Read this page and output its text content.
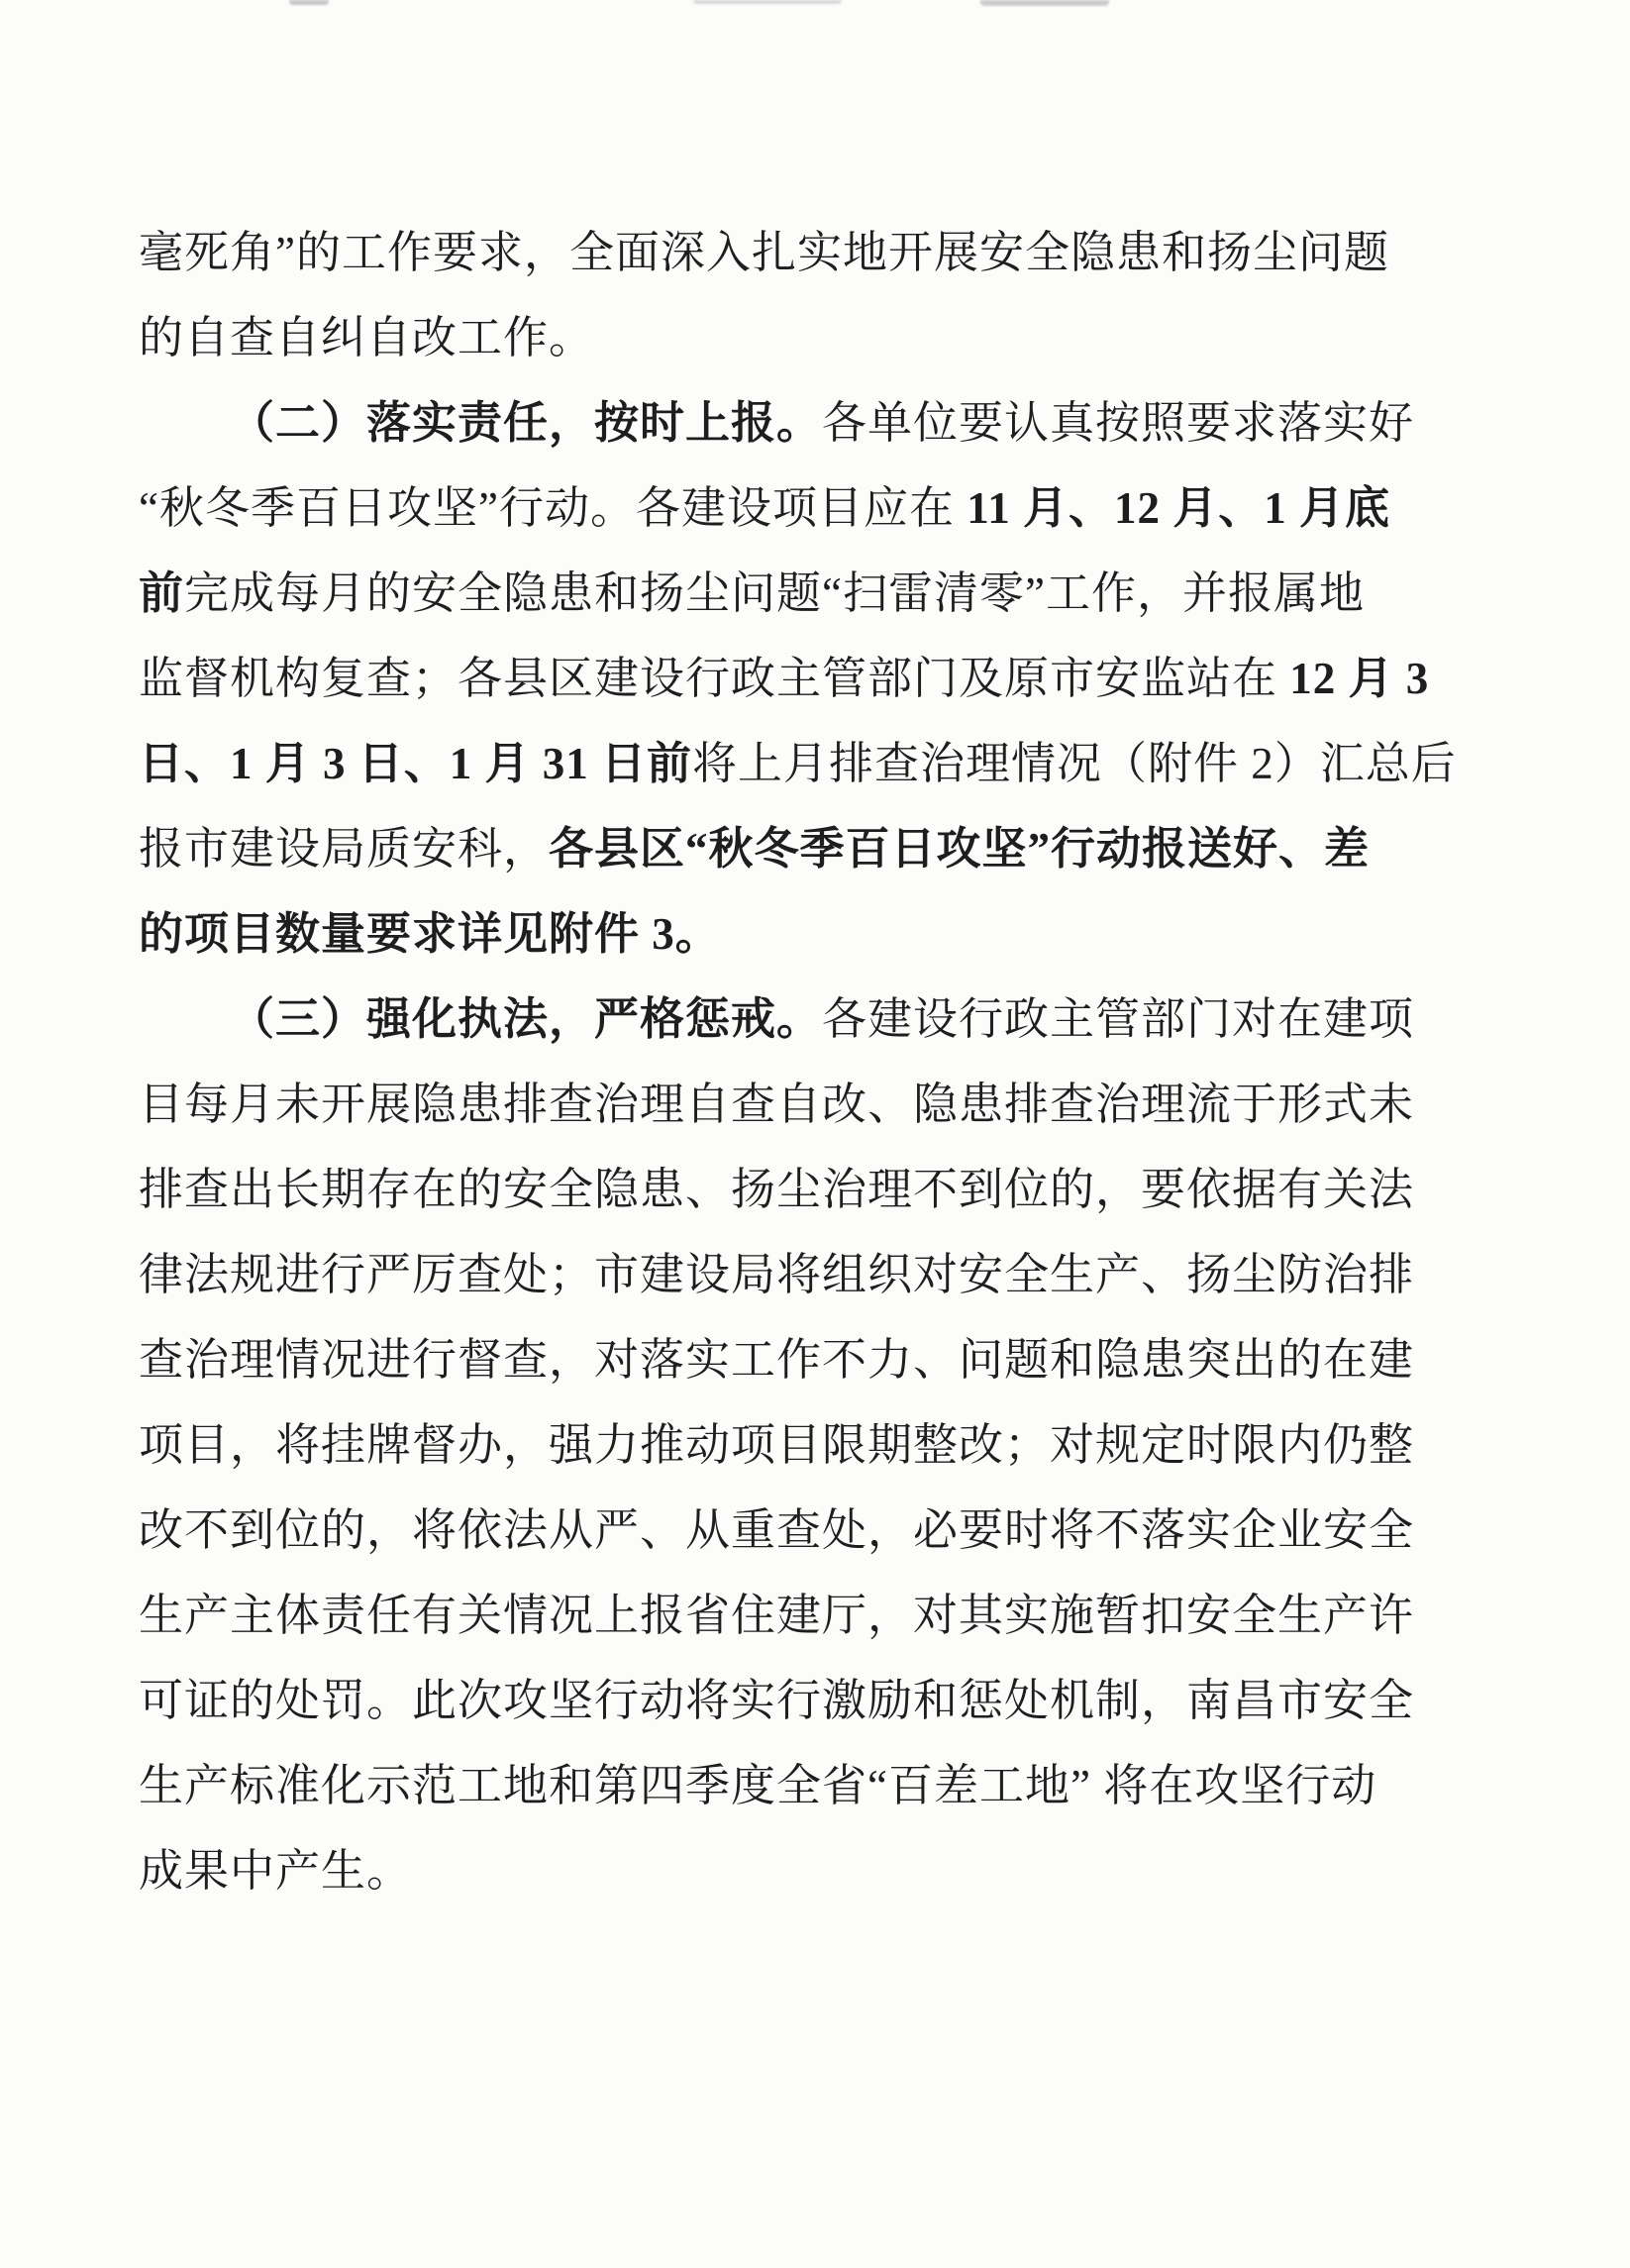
毫死角”的工作要求，全面深入扎实地开展安全隐患和扬尘问题
的自查自纠自改工作。
（二）落实责任，按时上报。各单位要认真按照要求落实好
“秋冬季百日攻坚”行动。各建设项目应在 11 月、12 月、1 月底
前完成每月的安全隐患和扬尘问题“扫雷清零”工作，并报属地
监督机构复查；各县区建设行政主管部门及原市安监站在 12 月 3
日、1 月 3 日、1 月 31 日前将上月排查治理情况（附件 2）汇总后
报市建设局质安科，各县区“秋冬季百日攻坚”行动报送好、差
的项目数量要求详见附件 3。
（三）强化执法，严格惩戒。各建设行政主管部门对在建项
目每月未开展隐患排查治理自查自改、隐患排查治理流于形式未
排查出长期存在的安全隐患、扬尘治理不到位的，要依据有关法
律法规进行严厉查处；市建设局将组织对安全生产、扬尘防治排
查治理情况进行督查，对落实工作不力、问题和隐患突出的在建
项目，将挂牌督办，强力推动项目限期整改；对规定时限内仍整
改不到位的，将依法从严、从重查处，必要时将不落实企业安全
生产主体责任有关情况上报省住建厅，对其实施暂扣安全生产许
可证的处罚。此次攻坚行动将实行激励和惩处机制，南昌市安全
生产标准化示范工地和第四季度全省“百差工地” 将在攻坚行动
成果中产生。
